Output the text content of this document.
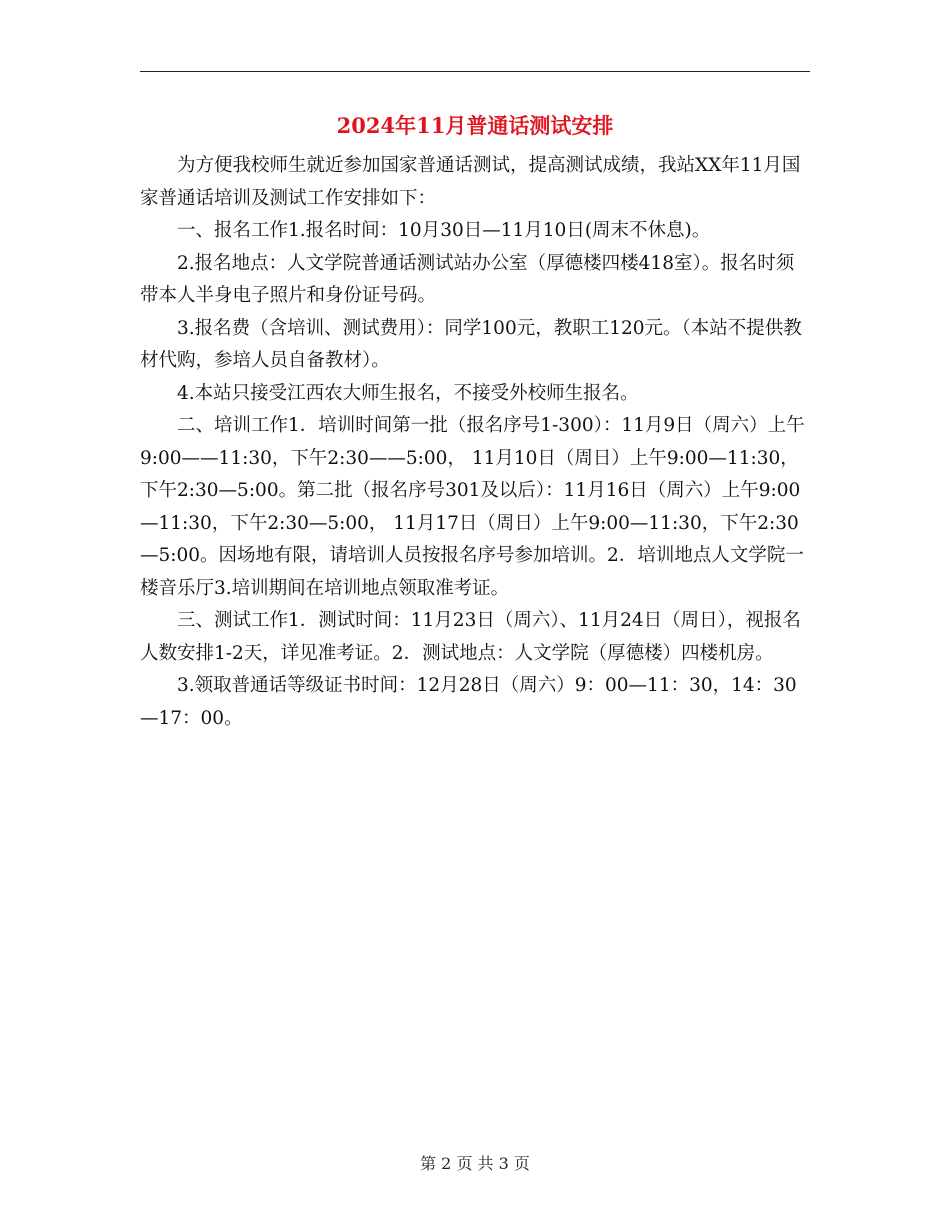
2024年11月普通话测试安排

为方便我校师生就近参加国家普通话测试，提高测试成绩，我站XX年11月国家普通话培训及测试工作安排如下：

一、报名工作1.报名时间：10月30日—11月10日(周末不休息)。

2.报名地点：人文学院普通话测试站办公室（厚德楼四楼418室）。报名时须带本人半身电子照片和身份证号码。

3.报名费（含培训、测试费用）：同学100元，教职工120元。（本站不提供教材代购，参培人员自备教材）。

4.本站只接受江西农大师生报名，不接受外校师生报名。

二、培训工作1．培训时间第一批（报名序号1-300）：11月9日（周六）上午9:00——11:30，下午2:30——5:00， 11月10日（周日）上午9:00—11:30，下午2:30—5:00。第二批（报名序号301及以后）：11月16日（周六）上午9:00—11:30，下午2:30—5:00， 11月17日（周日）上午9:00—11:30，下午2:30—5:00。因场地有限，请培训人员按报名序号参加培训。2．培训地点人文学院一楼音乐厅3.培训期间在培训地点领取准考证。

三、测试工作1．测试时间：11月23日（周六）、11月24日（周日），视报名人数安排1-2天，详见准考证。2．测试地点：人文学院（厚德楼）四楼机房。

3.领取普通话等级证书时间：12月28日（周六）9：00—11：30，14：30—17：00。

第 2 页 共 3 页
